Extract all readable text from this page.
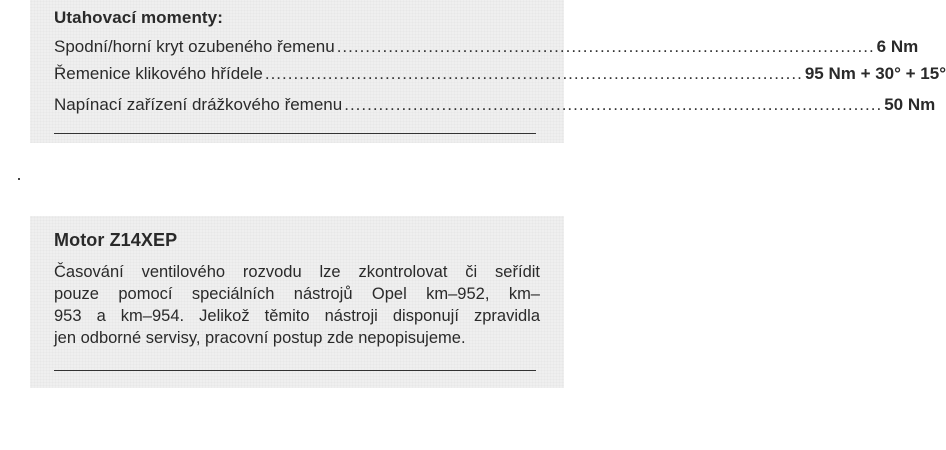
Utahovací momenty:
Spodní/horní kryt ozubeného řemenu .............................................................................................. 6 Nm
Řemenice klikového hřídele .............................................................................................. 95 Nm + 30° + 15°
Napínací zařízení drážkového řemenu .............................................................................................. 50 Nm
Motor Z14XEP
Časování ventilového rozvodu lze zkontrolovat či seřídit
pouze pomocí speciálních nástrojů Opel km–952, km–
953 a km–954. Jelikož těmito nástroji disponují zpravidla
jen odborné servisy, pracovní postup zde nepopisujeme.
